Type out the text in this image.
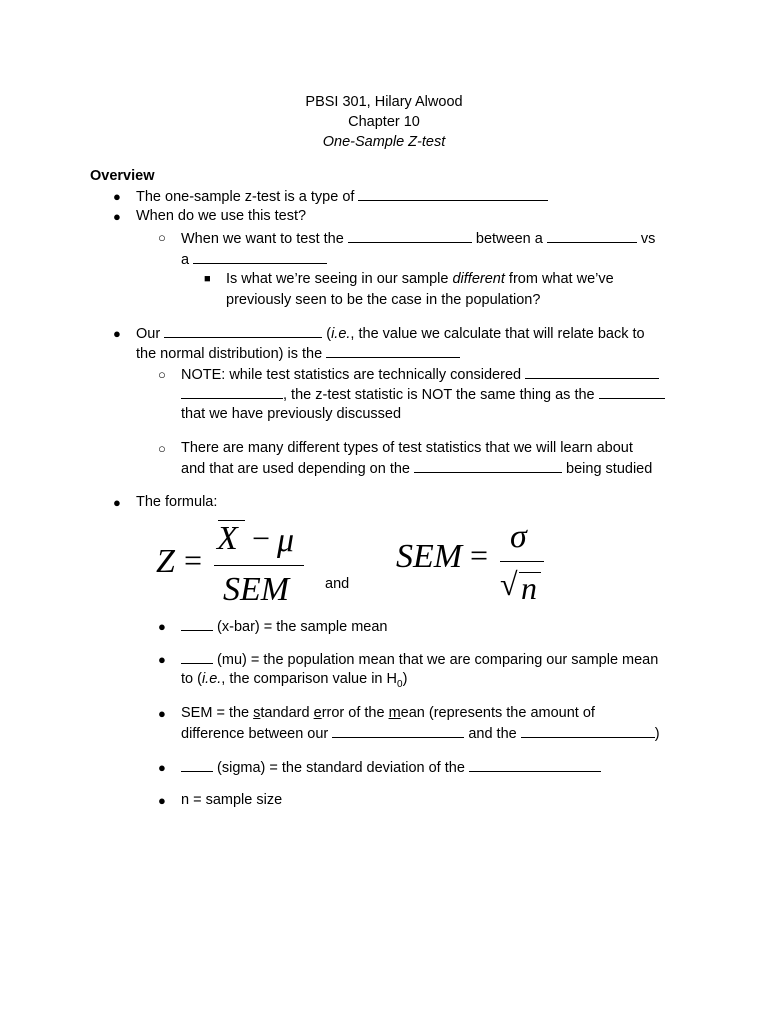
PBSI 301, Hilary Alwood
Chapter 10
One-Sample Z-test
Overview
● The one-sample z-test is a type of
● When do we use this test?
○ When we want to test the	between a	vs
a
■ Is what we’re seeing in our sample different from what we’ve
previously seen to be the case in the population?
● Our	(i.e., the value we calculate that will relate back to
the normal distribution) is the
○ NOTE: while test statistics are technically considered
, the z-test statistic is NOT the same thing as the
that we have previously discussed
○ There are many different types of test statistics that we will learn about
and that are used depending on the	being studied
● The formula:
Z =
X − μ
SEM and
SEM = σ
√ n
●	(x-bar) = the sample mean
●	(mu) = the population mean that we are comparing our sample mean
to (i.e., the comparison value in $H_0$)
● SEM = the standard error of the mean (represents the amount of
difference between our	and the	)
●	(sigma) = the standard deviation of the
● n = sample size
